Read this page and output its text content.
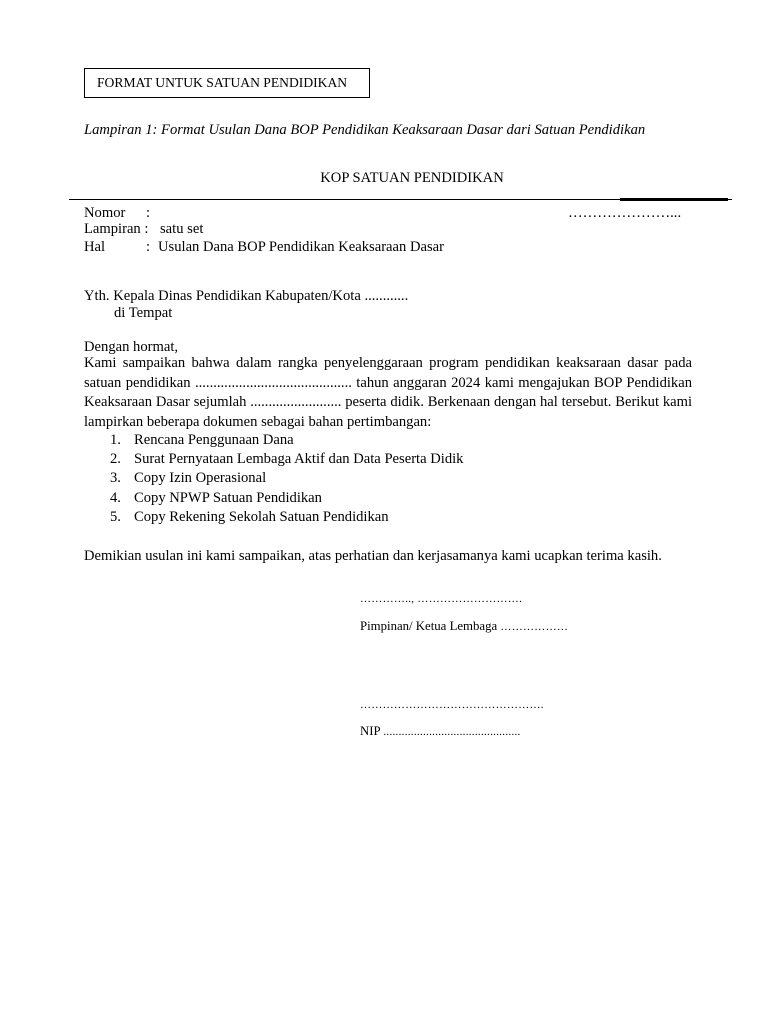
FORMAT UNTUK SATUAN PENDIDIKAN
Lampiran 1: Format Usulan Dana BOP Pendidikan Keaksaraan Dasar dari Satuan Pendidikan
KOP SATUAN PENDIDIKAN
Nomor :	…………………...
Lampiran : satu set
Hal	: Usulan Dana BOP Pendidikan Keaksaraan Dasar
Yth. Kepala Dinas Pendidikan Kabupaten/Kota ............
di Tempat
Dengan hormat,
Kami sampaikan bahwa dalam rangka penyelenggaraan program pendidikan keaksaraan dasar pada satuan pendidikan ........................................... tahun anggaran 2024 kami mengajukan BOP Pendidikan Keaksaraan Dasar sejumlah ......................... peserta didik. Berkenaan dengan hal tersebut. Berikut kami lampirkan beberapa dokumen sebagai bahan pertimbangan:
1. Rencana Penggunaan Dana
2. Surat Pernyataan Lembaga Aktif dan Data Peserta Didik
3. Copy Izin Operasional
4. Copy NPWP Satuan Pendidikan
5. Copy Rekening Sekolah Satuan Pendidikan
Demikian usulan ini kami sampaikan, atas perhatian dan kerjasamanya kami ucapkan terima kasih.
………….., ……………………….
Pimpinan/ Ketua Lembaga ………………
………………………………………….
NIP .............................................
